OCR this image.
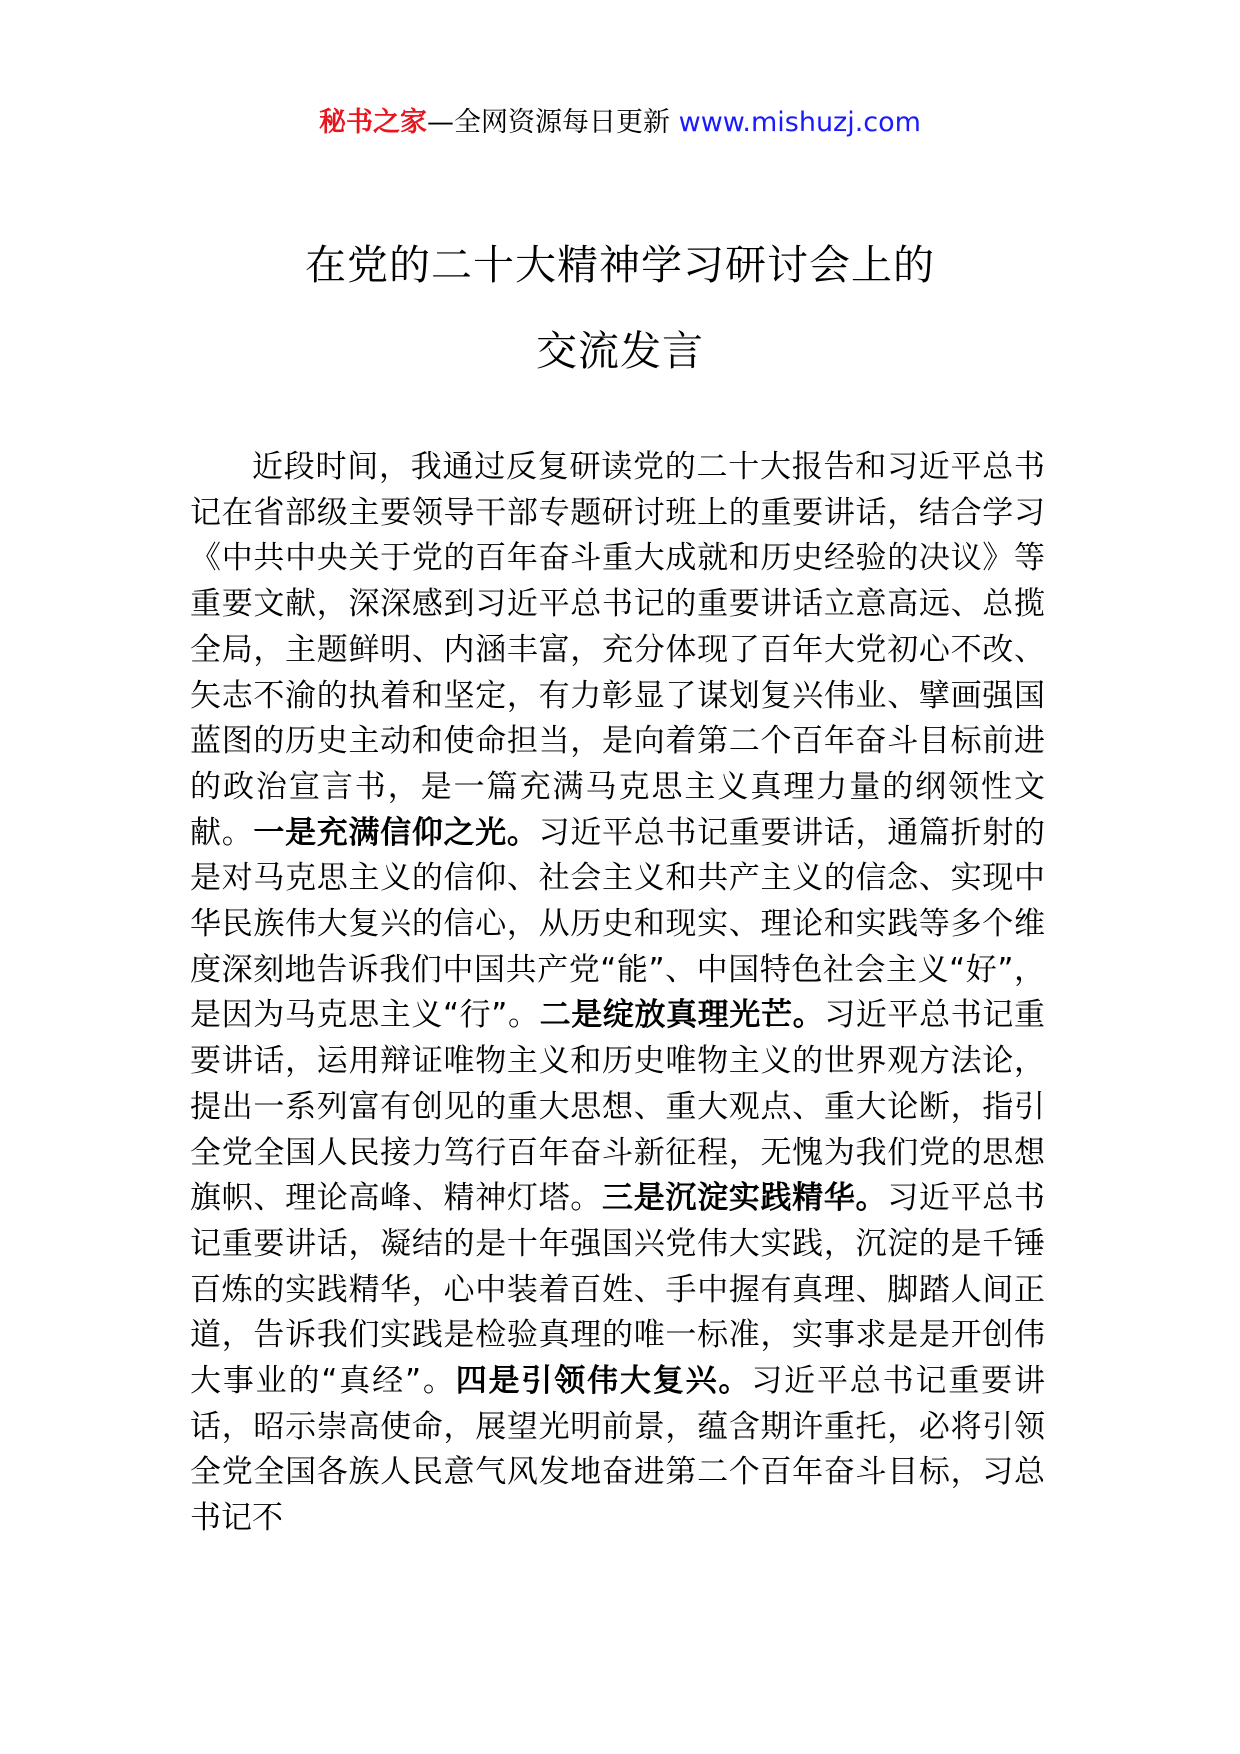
秘书之家—全网资源每日更新 www.mishuzj.com
在党的二十大精神学习研讨会上的
交流发言

近段时间，我通过反复研读党的二十大报告和习近平总书记在省部级主要领导干部专题研讨班上的重要讲话，结合学习《中共中央关于党的百年奋斗重大成就和历史经验的决议》等重要文献，深深感到习近平总书记的重要讲话立意高远、总揽全局，主题鲜明、内涵丰富，充分体现了百年大党初心不改、矢志不渝的执着和坚定，有力彰显了谋划复兴伟业、擘画强国蓝图的历史主动和使命担当，是向着第二个百年奋斗目标前进的政治宣言书，是一篇充满马克思主义真理力量的纲领性文献。一是充满信仰之光。习近平总书记重要讲话，通篇折射的是对马克思主义的信仰、社会主义和共产主义的信念、实现中华民族伟大复兴的信心，从历史和现实、理论和实践等多个维度深刻地告诉我们中国共产党“能”、中国特色社会主义“好”，是因为马克思主义“行”。二是绽放真理光芒。习近平总书记重要讲话，运用辩证唯物主义和历史唯物主义的世界观方法论，提出一系列富有创见的重大思想、重大观点、重大论断，指引全党全国人民接力笃行百年奋斗新征程，无愧为我们党的思想旗帜、理论高峰、精神灯塔。三是沉淀实践精华。习近平总书记重要讲话，凝结的是十年强国兴党伟大实践，沉淀的是千锤百炼的实践精华，心中装着百姓、手中握有真理、脚踏人间正道，告诉我们实践是检验真理的唯一标准，实事求是是开创伟大事业的“真经”。四是引领伟大复兴。习近平总书记重要讲话，昭示崇高使命，展望光明前景，蕴含期许重托，必将引领全党全国各族人民意气风发地奋进第二个百年奋斗目标，习总书记不
